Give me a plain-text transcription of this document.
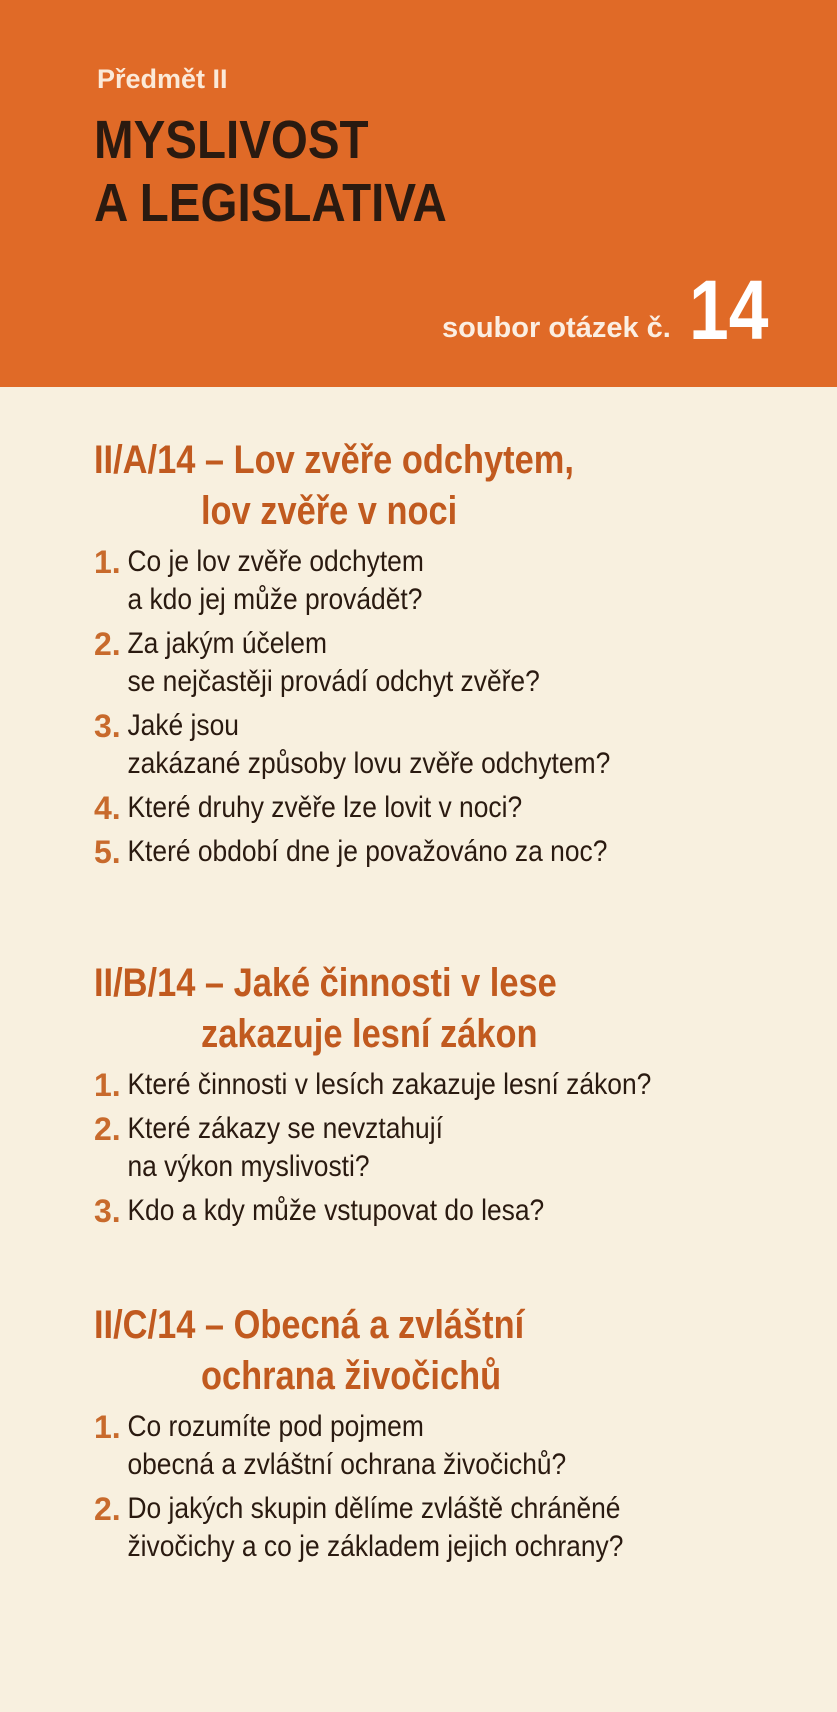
Předmět II
MYSLIVOST
A LEGISLATIVA
soubor otázek č. 14
II/A/14 – Lov zvěře odchytem,
lov zvěře v noci
1. Co je lov zvěře odchytem
a kdo jej může provádět?
2. Za jakým účelem
se nejčastěji provádí odchyt zvěře?
3. Jaké jsou
zakázané způsoby lovu zvěře odchytem?
4. Které druhy zvěře lze lovit v noci?
5. Které období dne je považováno za noc?
II/B/14 – Jaké činnosti v lese
zakazuje lesní zákon
1. Které činnosti v lesích zakazuje lesní zákon?
2. Které zákazy se nevztahují
na výkon myslivosti?
3. Kdo a kdy může vstupovat do lesa?
II/C/14 – Obecná a zvláštní
ochrana živočichů
1. Co rozumíte pod pojmem
obecná a zvláštní ochrana živočichů?
2. Do jakých skupin dělíme zvláště chráněné
živočichy a co je základem jejich ochrany?
